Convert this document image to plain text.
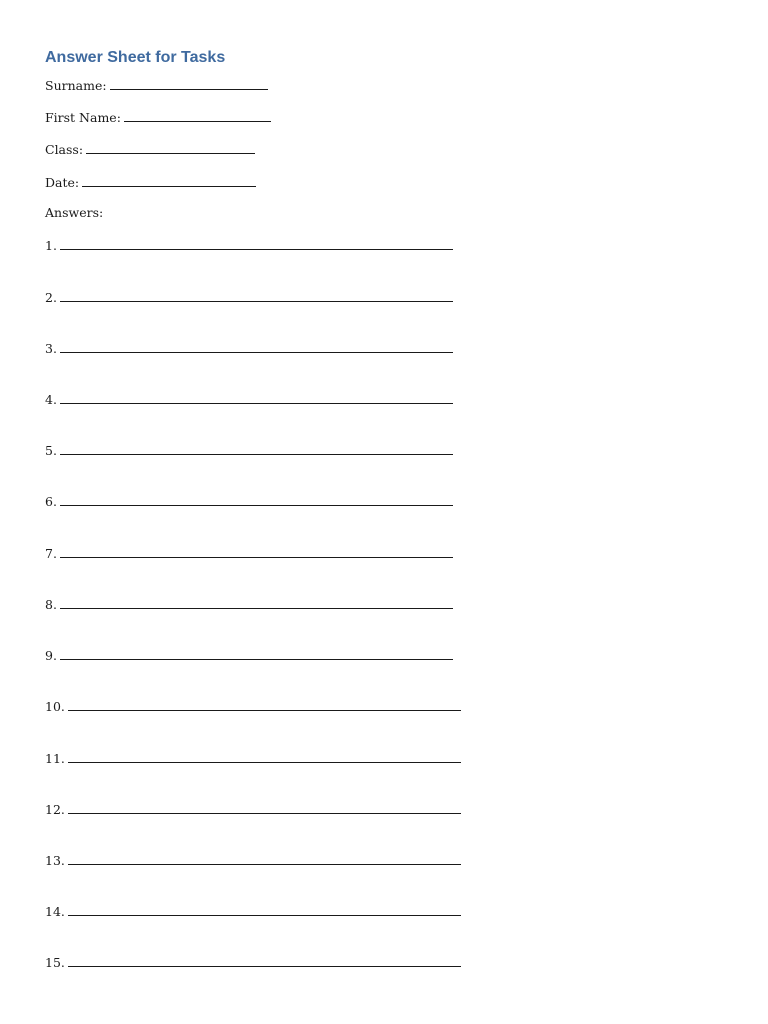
Answer Sheet for Tasks
Surname:
First Name:
Class:
Date:
Answers:
1.
2.
3.
4.
5.
6.
7.
8.
9.
10.
11.
12.
13.
14.
15.
